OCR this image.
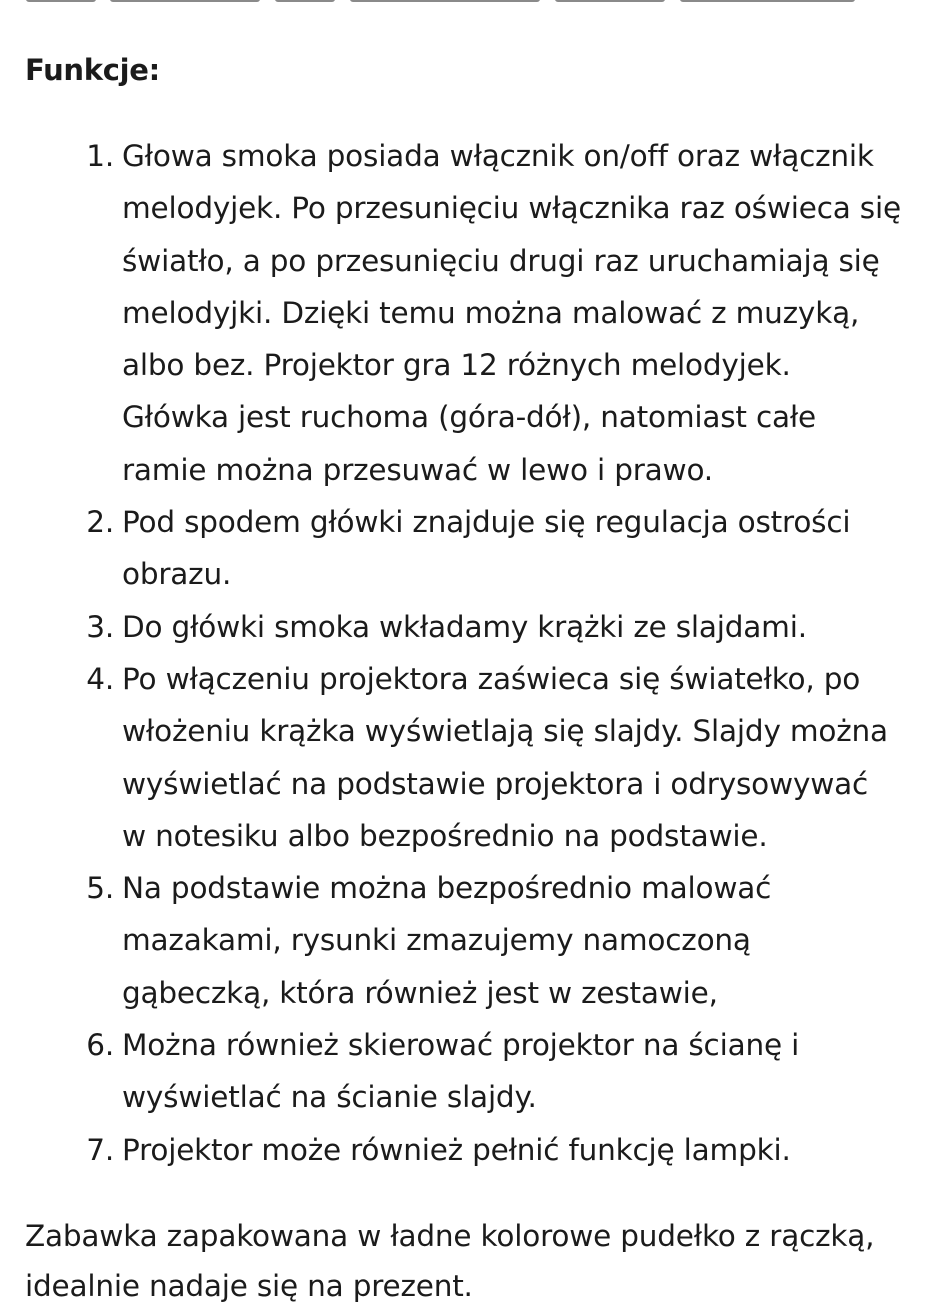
Funkcje:
1. Głowa smoka posiada włącznik on/off oraz włącznik
melodyjek. Po przesunięciu włącznika raz oświeca się
światło, a po przesunięciu drugi raz uruchamiają się
melodyjki. Dzięki temu można malować z muzyką,
albo bez. Projektor gra 12 różnych melodyjek.
Główka jest ruchoma (góra-dół), natomiast całe
ramie można przesuwać w lewo i prawo.
2. Pod spodem główki znajduje się regulacja ostrości
obrazu.
3. Do główki smoka wkładamy krążki ze slajdami.
4. Po włączeniu projektora zaświeca się światełko, po
włożeniu krążka wyświetlają się slajdy. Slajdy można
wyświetlać na podstawie projektora i odrysowywać
w notesiku albo bezpośrednio na podstawie.
5. Na podstawie można bezpośrednio malować
mazakami, rysunki zmazujemy namoczoną
gąbeczką, która również jest w zestawie,
6. Można również skierować projektor na ścianę i
wyświetlać na ścianie slajdy.
7. Projektor może również pełnić funkcję lampki.

Zabawka zapakowana w ładne kolorowe pudełko z rączką,
idealnie nadaje się na prezent.
